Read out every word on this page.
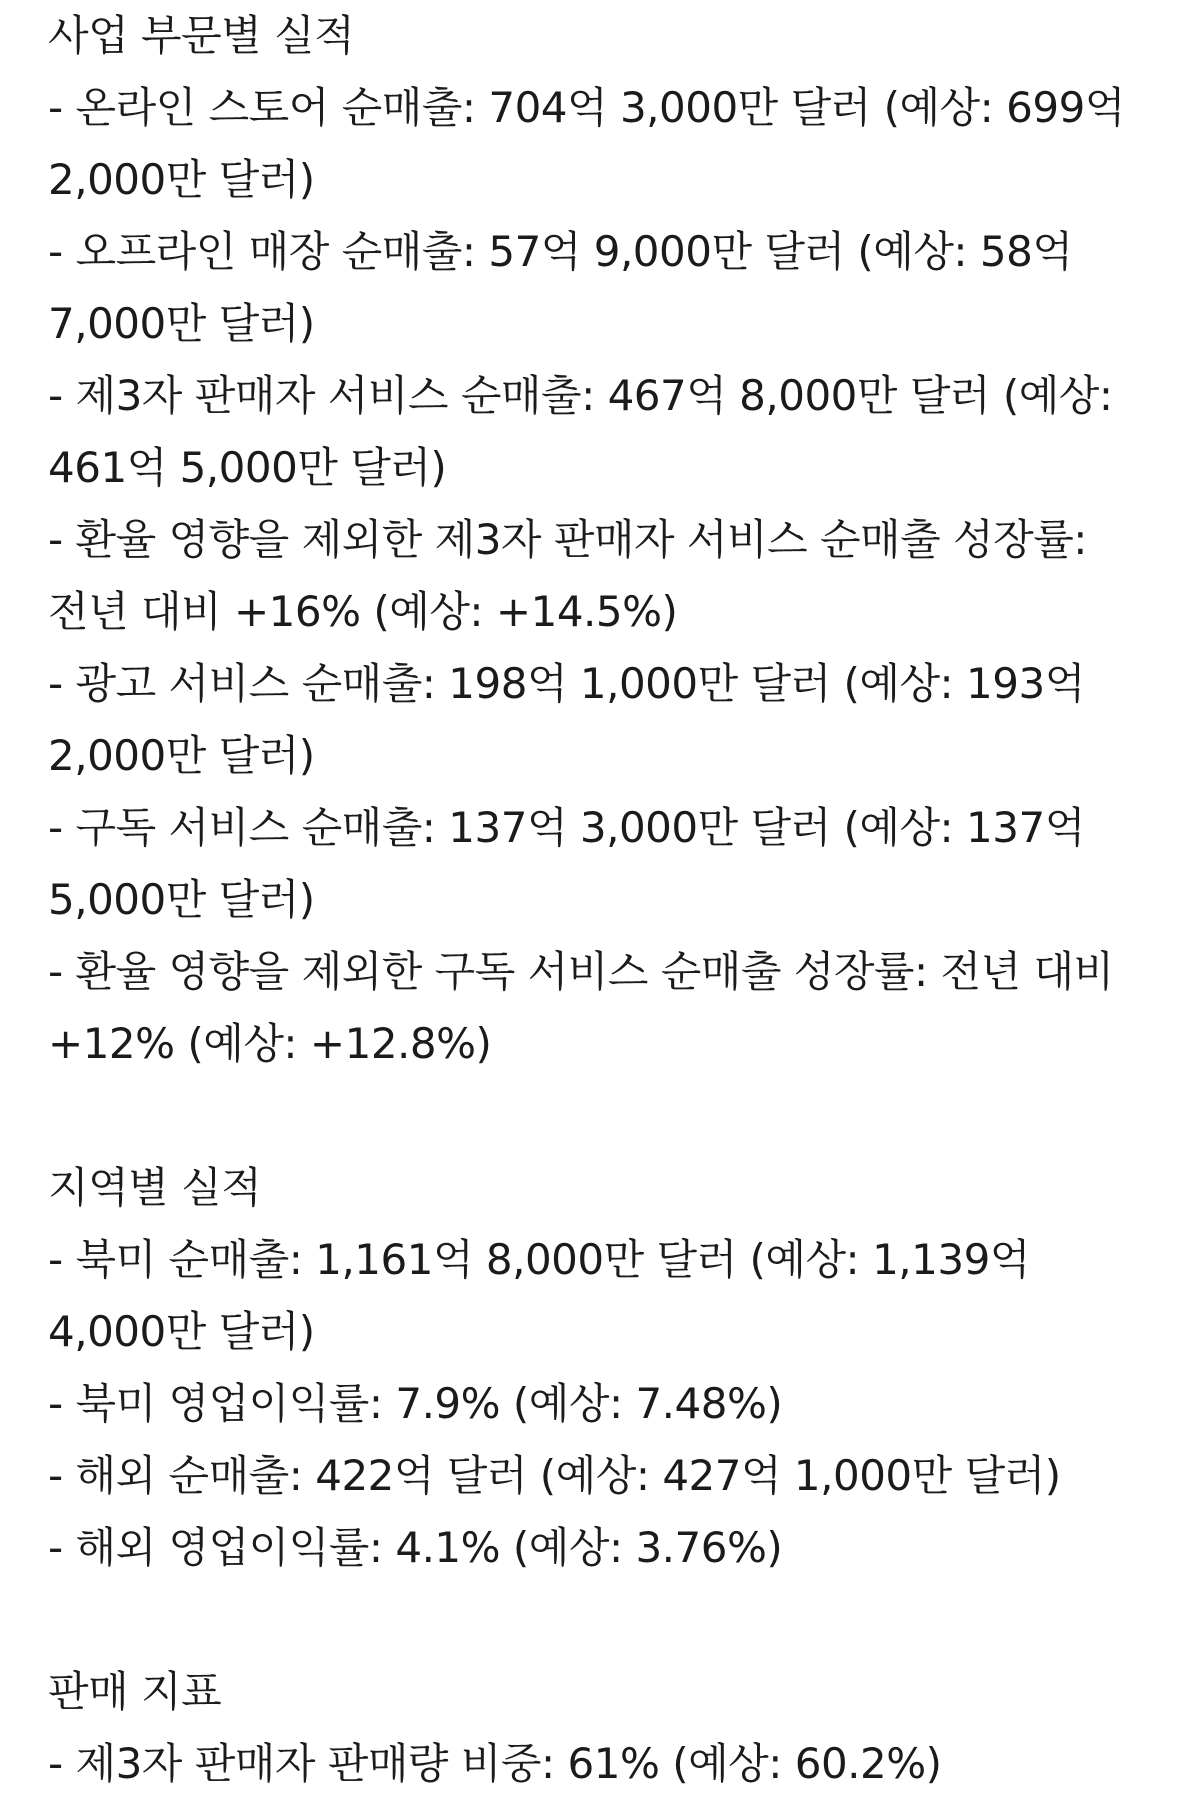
사업 부문별 실적

- 온라인 스토어 순매출: 704억 3,000만 달러 (예상: 699억 2,000만 달러)

- 오프라인 매장 순매출: 57억 9,000만 달러 (예상: 58억 7,000만 달러)

- 제3자 판매자 서비스 순매출: 467억 8,000만 달러 (예상: 461억 5,000만 달러)

- 환율 영향을 제외한 제3자 판매자 서비스 순매출 성장률: 전년 대비 +16% (예상: +14.5%)

- 광고 서비스 순매출: 198억 1,000만 달러 (예상: 193억 2,000만 달러)

- 구독 서비스 순매출: 137억 3,000만 달러 (예상: 137억 5,000만 달러)

- 환율 영향을 제외한 구독 서비스 순매출 성장률: 전년 대비 +12% (예상: +12.8%)

지역별 실적

- 북미 순매출: 1,161억 8,000만 달러 (예상: 1,139억 4,000만 달러)

- 북미 영업이익률: 7.9% (예상: 7.48%)

- 해외 순매출: 422억 달러 (예상: 427억 1,000만 달러)

- 해외 영업이익률: 4.1% (예상: 3.76%)

판매 지표

- 제3자 판매자 판매량 비중: 61% (예상: 60.2%)
